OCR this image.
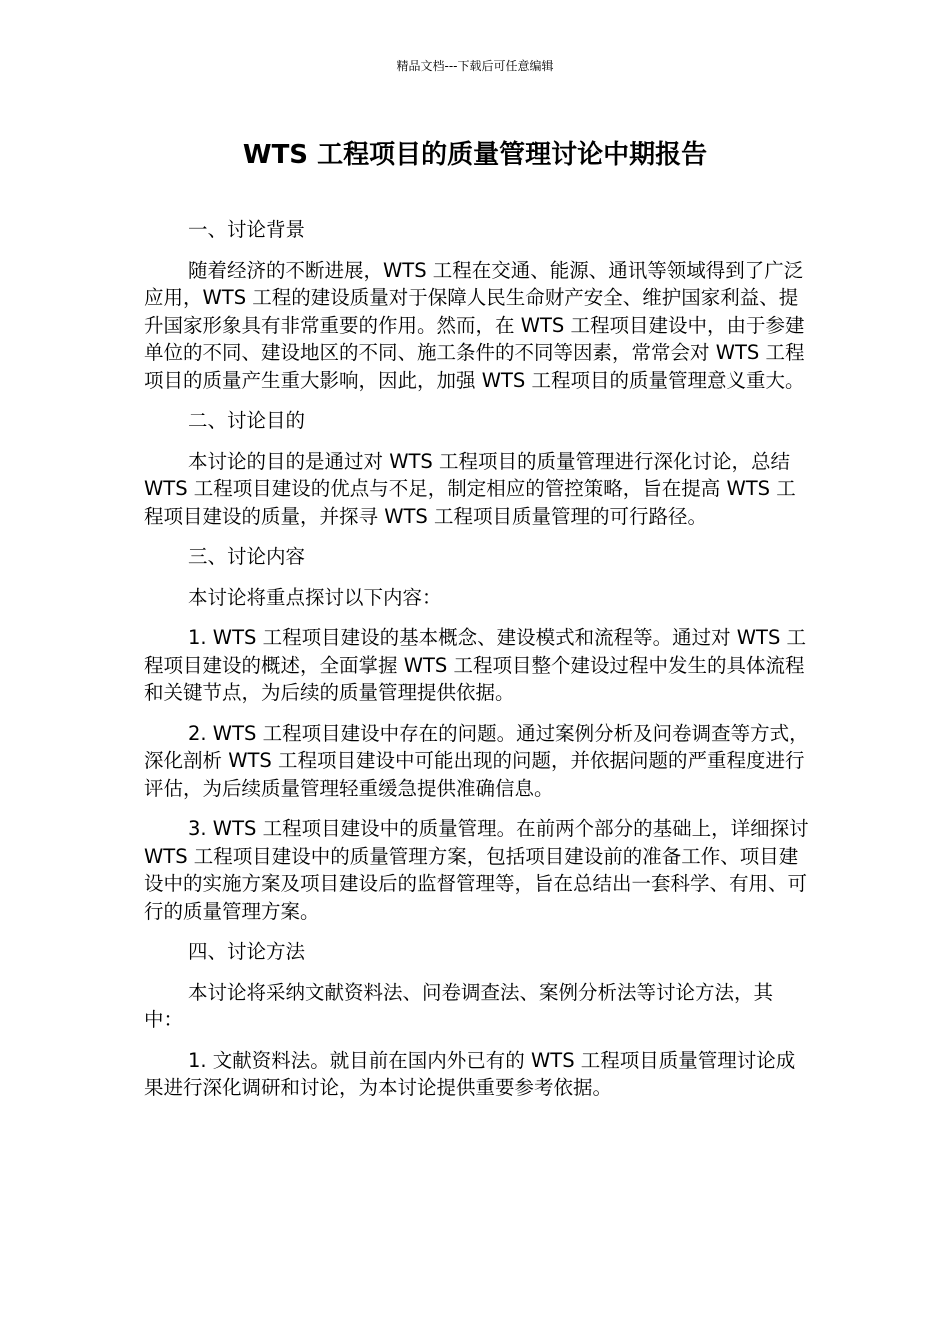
精品文档---下载后可任意编辑
WTS 工程项目的质量管理讨论中期报告

一、讨论背景

随着经济的不断进展，WTS 工程在交通、能源、通讯等领域得到了广泛应用，WTS 工程的建设质量对于保障人民生命财产安全、维护国家利益、提升国家形象具有非常重要的作用。然而，在 WTS 工程项目建设中，由于参建单位的不同、建设地区的不同、施工条件的不同等因素，常常会对 WTS 工程项目的质量产生重大影响，因此，加强 WTS 工程项目的质量管理意义重大。

二、讨论目的

本讨论的目的是通过对 WTS 工程项目的质量管理进行深化讨论，总结 WTS 工程项目建设的优点与不足，制定相应的管控策略，旨在提高 WTS 工程项目建设的质量，并探寻 WTS 工程项目质量管理的可行路径。

三、讨论内容

本讨论将重点探讨以下内容：

1. WTS 工程项目建设的基本概念、建设模式和流程等。通过对 WTS 工程项目建设的概述，全面掌握 WTS 工程项目整个建设过程中发生的具体流程和关键节点，为后续的质量管理提供依据。

2. WTS 工程项目建设中存在的问题。通过案例分析及问卷调查等方式，深化剖析 WTS 工程项目建设中可能出现的问题，并依据问题的严重程度进行评估，为后续质量管理轻重缓急提供准确信息。

3. WTS 工程项目建设中的质量管理。在前两个部分的基础上，详细探讨 WTS 工程项目建设中的质量管理方案，包括项目建设前的准备工作、项目建设中的实施方案及项目建设后的监督管理等，旨在总结出一套科学、有用、可行的质量管理方案。

四、讨论方法

本讨论将采纳文献资料法、问卷调查法、案例分析法等讨论方法，其中：

1. 文献资料法。就目前在国内外已有的 WTS 工程项目质量管理讨论成果进行深化调研和讨论，为本讨论提供重要参考依据。
